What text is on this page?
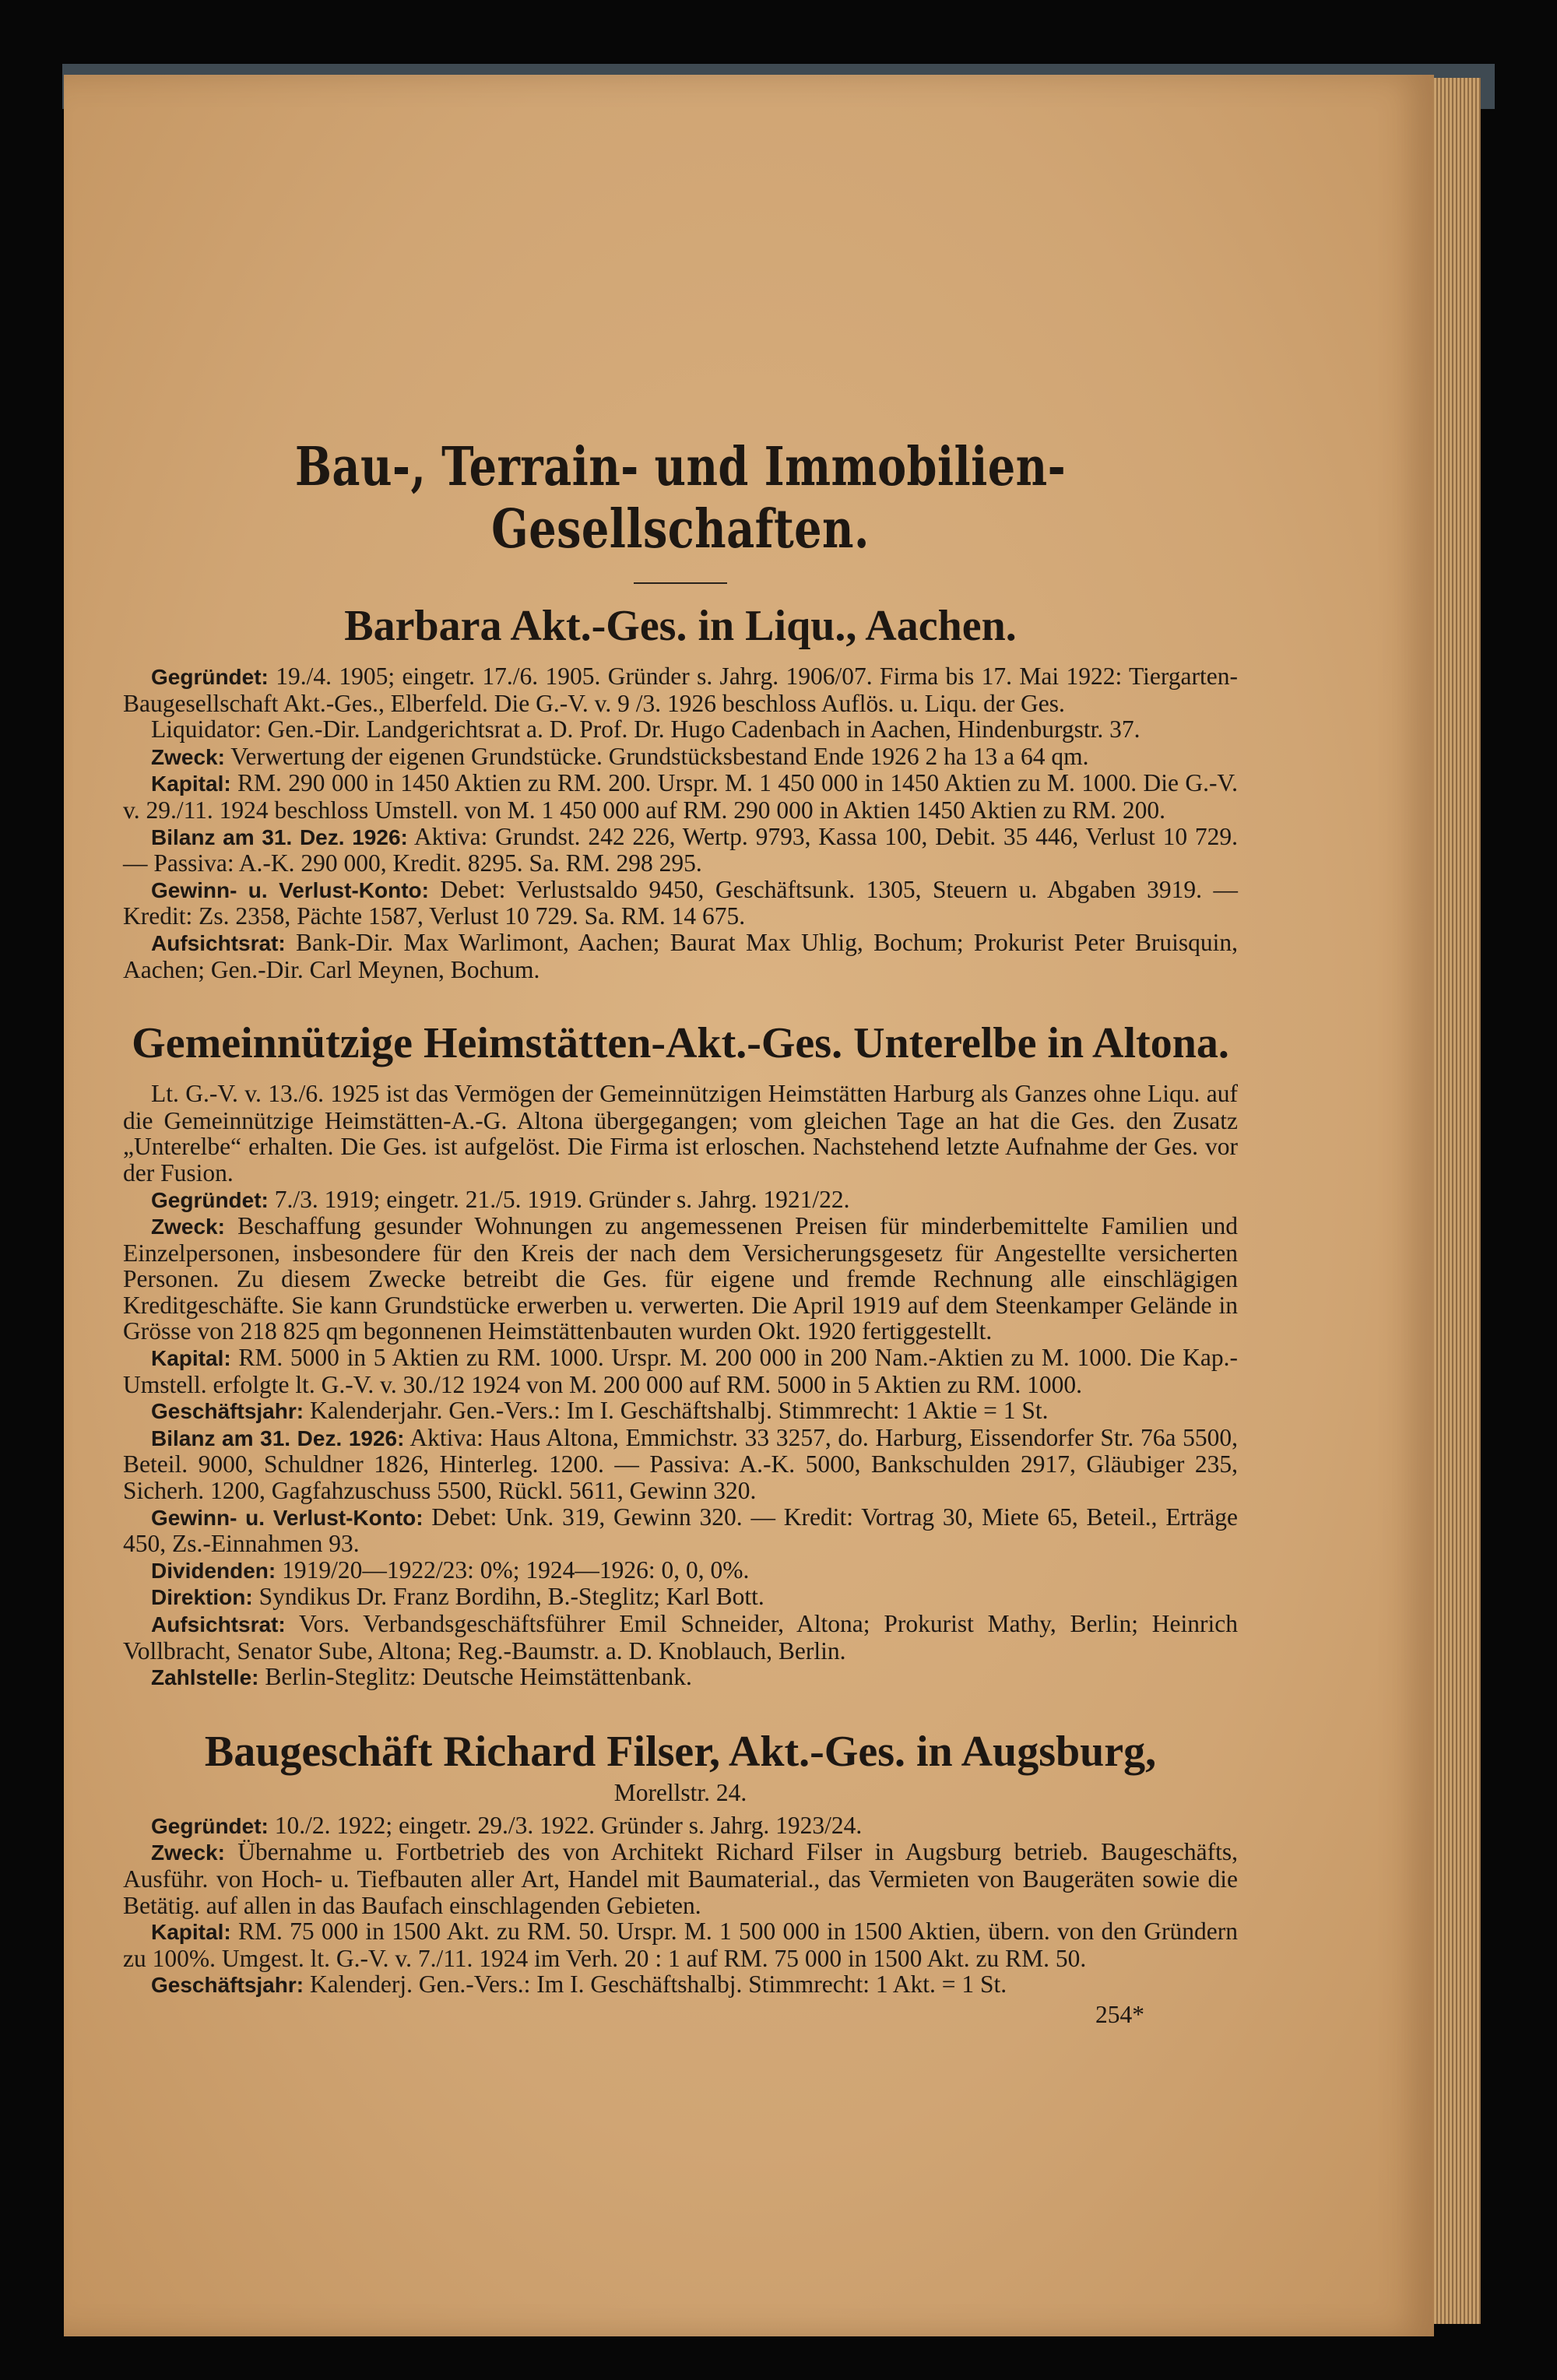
Bau-, Terrain- und Immobilien-Gesellschaften.
Barbara Akt.-Ges. in Liqu., Aachen.

Gegründet: 19./4. 1905; eingetr. 17./6. 1905. Gründer s. Jahrg. 1906/07. Firma bis 17. Mai 1922: Tiergarten-Baugesellschaft Akt.-Ges., Elberfeld. Die G.-V. v. 9 /3. 1926 beschloss Auflös. u. Liqu. der Ges.

Liquidator: Gen.-Dir. Landgerichtsrat a. D. Prof. Dr. Hugo Cadenbach in Aachen, Hindenburgstr. 37.

Zweck: Verwertung der eigenen Grundstücke. Grundstücksbestand Ende 1926 2 ha 13 a 64 qm.

Kapital: RM. 290 000 in 1450 Aktien zu RM. 200. Urspr. M. 1 450 000 in 1450 Aktien zu M. 1000. Die G.-V. v. 29./11. 1924 beschloss Umstell. von M. 1 450 000 auf RM. 290 000 in Aktien 1450 Aktien zu RM. 200.

Bilanz am 31. Dez. 1926: Aktiva: Grundst. 242 226, Wertp. 9793, Kassa 100, Debit. 35 446, Verlust 10 729. — Passiva: A.-K. 290 000, Kredit. 8295. Sa. RM. 298 295.

Gewinn- u. Verlust-Konto: Debet: Verlustsaldo 9450, Geschäftsunk. 1305, Steuern u. Abgaben 3919. — Kredit: Zs. 2358, Pächte 1587, Verlust 10 729. Sa. RM. 14 675.

Aufsichtsrat: Bank-Dir. Max Warlimont, Aachen; Baurat Max Uhlig, Bochum; Prokurist Peter Bruisquin, Aachen; Gen.-Dir. Carl Meynen, Bochum.

Gemeinnützige Heimstätten-Akt.-Ges. Unterelbe in Altona.

Lt. G.-V. v. 13./6. 1925 ist das Vermögen der Gemeinnützigen Heimstätten Harburg als Ganzes ohne Liqu. auf die Gemeinnützige Heimstätten-A.-G. Altona übergegangen; vom gleichen Tage an hat die Ges. den Zusatz „Unterelbe“ erhalten. Die Ges. ist aufgelöst. Die Firma ist erloschen. Nachstehend letzte Aufnahme der Ges. vor der Fusion.

Gegründet: 7./3. 1919; eingetr. 21./5. 1919. Gründer s. Jahrg. 1921/22.

Zweck: Beschaffung gesunder Wohnungen zu angemessenen Preisen für minderbemittelte Familien und Einzelpersonen, insbesondere für den Kreis der nach dem Versicherungsgesetz für Angestellte versicherten Personen. Zu diesem Zwecke betreibt die Ges. für eigene und fremde Rechnung alle einschlägigen Kreditgeschäfte. Sie kann Grundstücke erwerben u. verwerten. Die April 1919 auf dem Steenkamper Gelände in Grösse von 218 825 qm begonnenen Heimstättenbauten wurden Okt. 1920 fertiggestellt.

Kapital: RM. 5000 in 5 Aktien zu RM. 1000. Urspr. M. 200 000 in 200 Nam.-Aktien zu M. 1000. Die Kap.-Umstell. erfolgte lt. G.-V. v. 30./12 1924 von M. 200 000 auf RM. 5000 in 5 Aktien zu RM. 1000.

Geschäftsjahr: Kalenderjahr. Gen.-Vers.: Im I. Geschäftshalbj. Stimmrecht: 1 Aktie = 1 St.

Bilanz am 31. Dez. 1926: Aktiva: Haus Altona, Emmichstr. 33 3257, do. Harburg, Eissendorfer Str. 76a 5500, Beteil. 9000, Schuldner 1826, Hinterleg. 1200. — Passiva: A.-K. 5000, Bankschulden 2917, Gläubiger 235, Sicherh. 1200, Gagfahzuschuss 5500, Rückl. 5611, Gewinn 320.

Gewinn- u. Verlust-Konto: Debet: Unk. 319, Gewinn 320. — Kredit: Vortrag 30, Miete 65, Beteil., Erträge 450, Zs.-Einnahmen 93.

Dividenden: 1919/20—1922/23: 0%; 1924—1926: 0, 0, 0%.

Direktion: Syndikus Dr. Franz Bordihn, B.-Steglitz; Karl Bott.

Aufsichtsrat: Vors. Verbandsgeschäftsführer Emil Schneider, Altona; Prokurist Mathy, Berlin; Heinrich Vollbracht, Senator Sube, Altona; Reg.-Baumstr. a. D. Knoblauch, Berlin.

Zahlstelle: Berlin-Steglitz: Deutsche Heimstättenbank.

Baugeschäft Richard Filser, Akt.-Ges. in Augsburg,
Morellstr. 24.

Gegründet: 10./2. 1922; eingetr. 29./3. 1922. Gründer s. Jahrg. 1923/24.

Zweck: Übernahme u. Fortbetrieb des von Architekt Richard Filser in Augsburg betrieb. Baugeschäfts, Ausführ. von Hoch- u. Tiefbauten aller Art, Handel mit Baumaterial., das Vermieten von Baugeräten sowie die Betätig. auf allen in das Baufach einschlagenden Gebieten.

Kapital: RM. 75 000 in 1500 Akt. zu RM. 50. Urspr. M. 1 500 000 in 1500 Aktien, übern. von den Gründern zu 100%. Umgest. lt. G.-V. v. 7./11. 1924 im Verh. 20 : 1 auf RM. 75 000 in 1500 Akt. zu RM. 50.

Geschäftsjahr: Kalenderj. Gen.-Vers.: Im I. Geschäftshalbj. Stimmrecht: 1 Akt. = 1 St.

254*
